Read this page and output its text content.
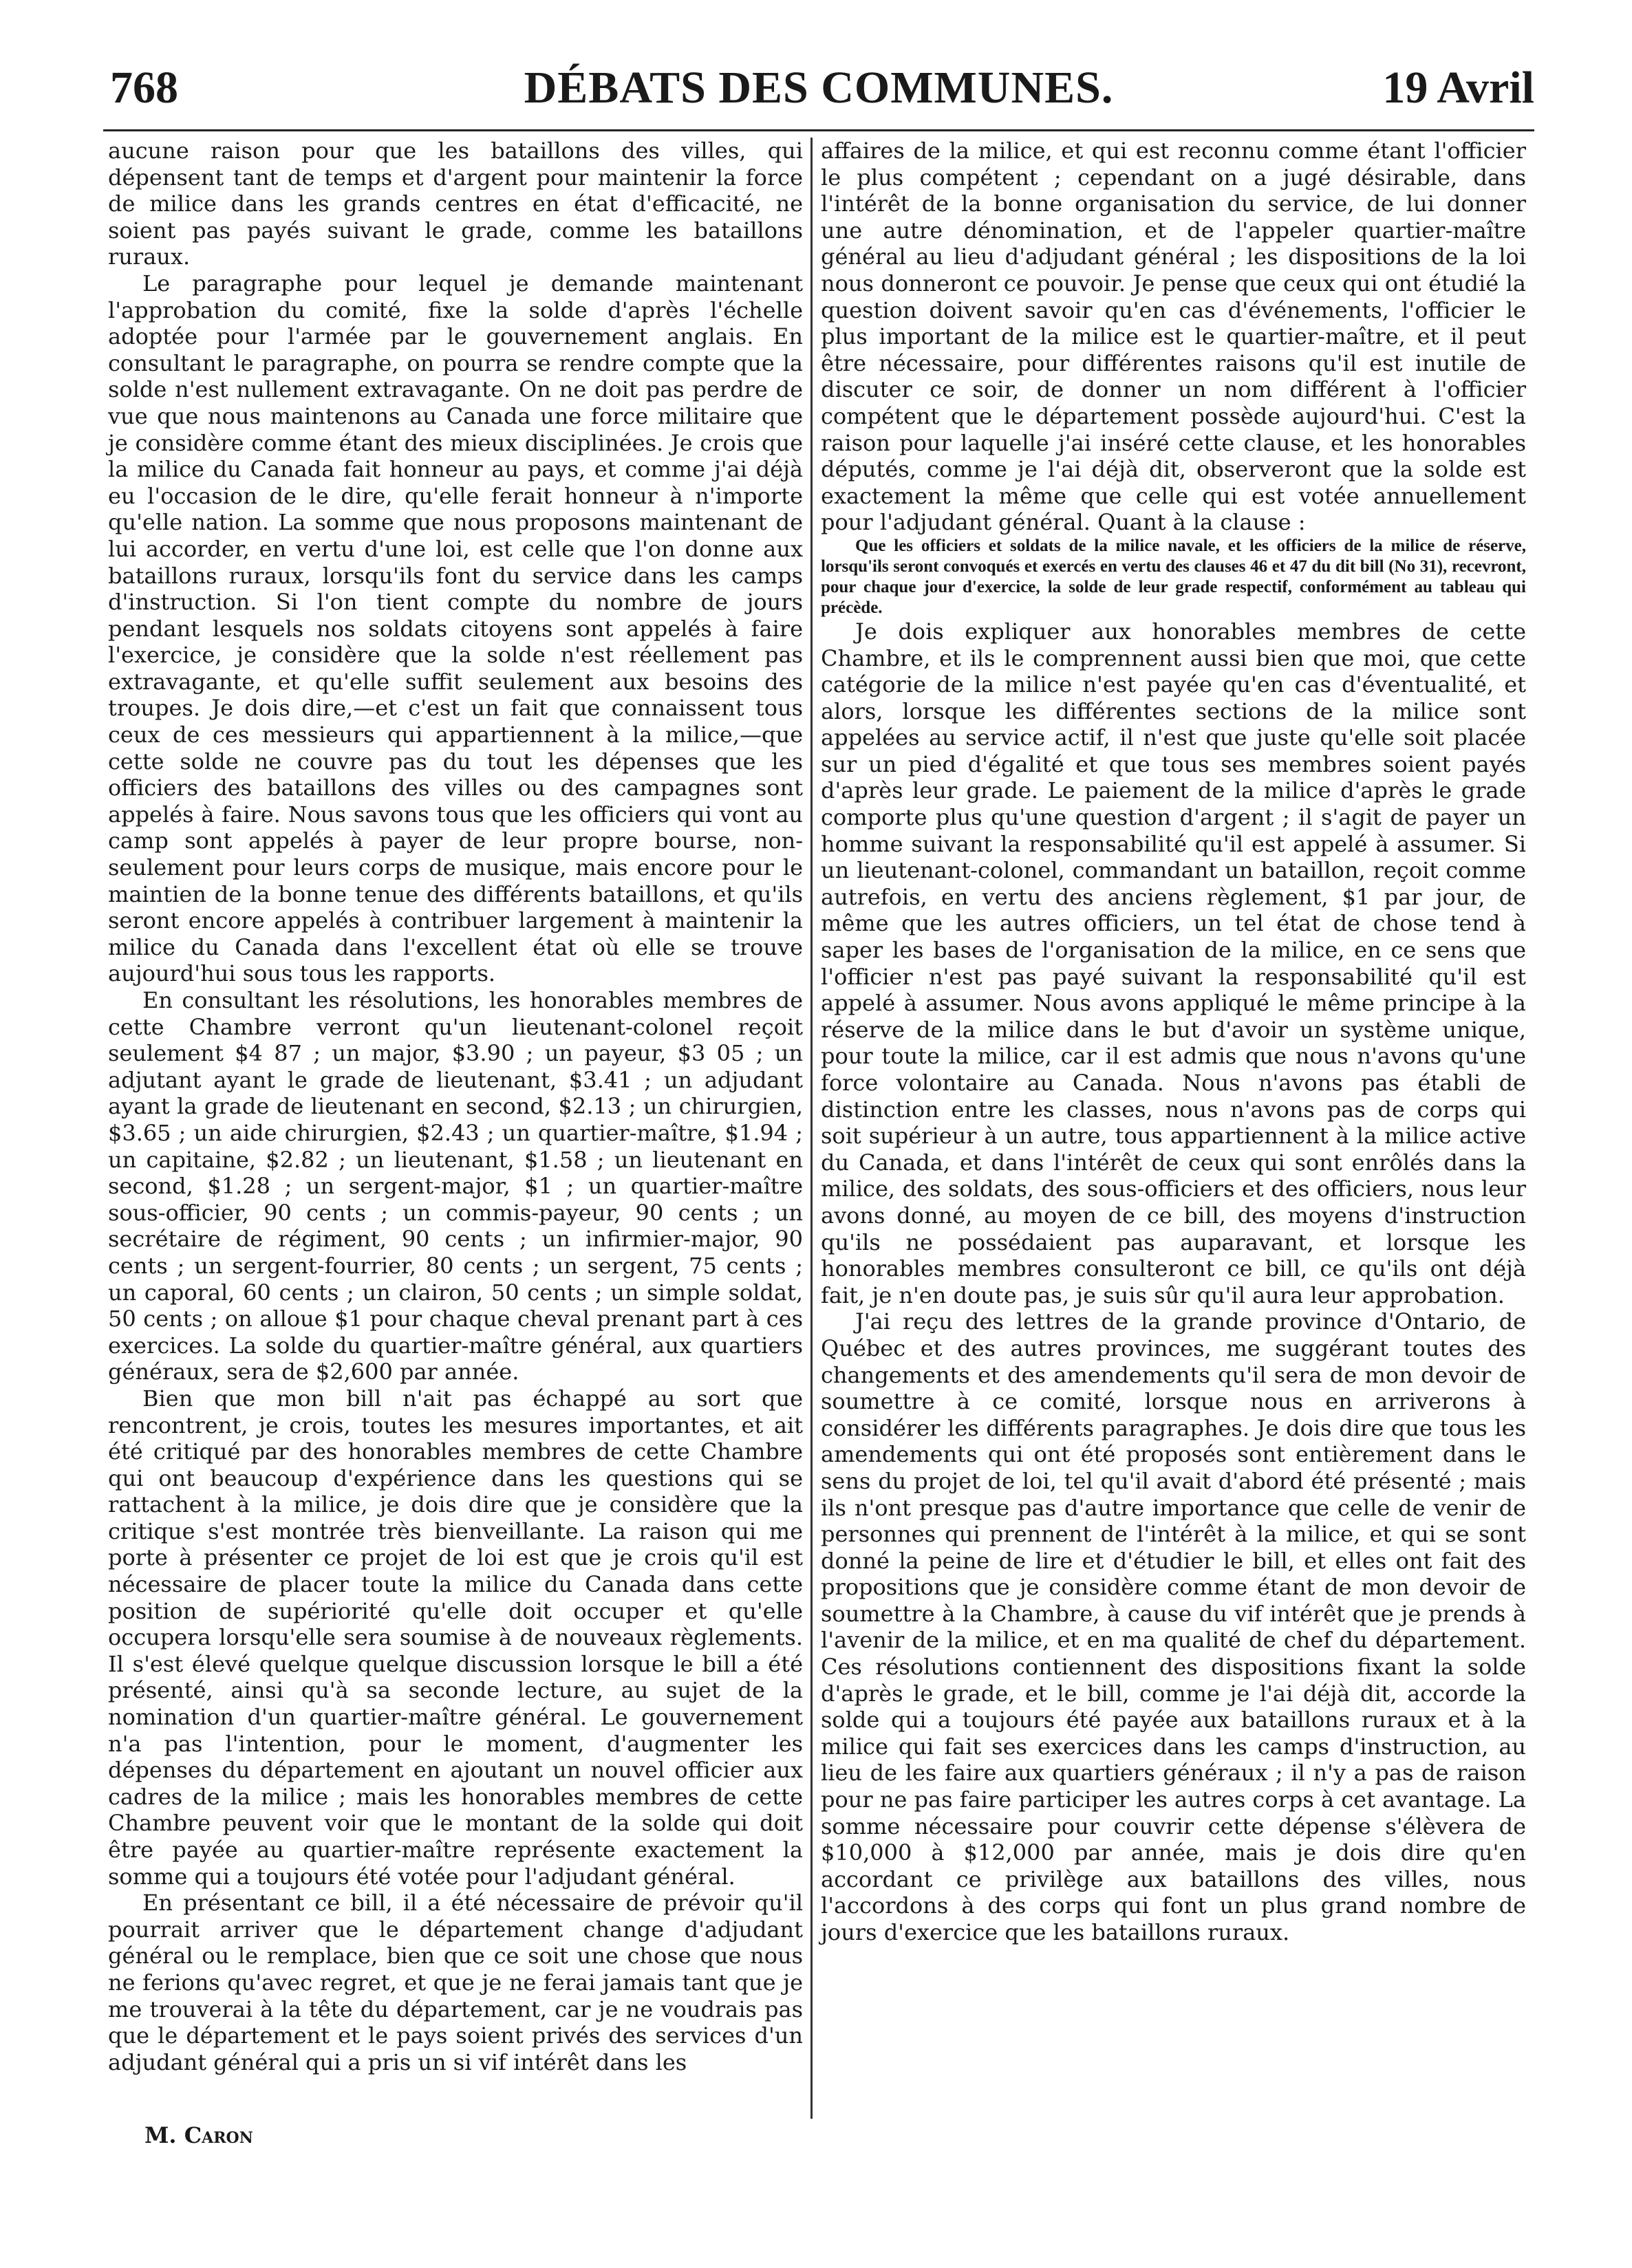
768	DÉBATS DES COMMUNES.	19 Avril

aucune raison pour que les bataillons des villes, qui dépensent tant de temps et d'argent pour maintenir la force de milice dans les grands centres en état d'efficacité, ne soient pas payés suivant le grade, comme les bataillons ruraux.

Le paragraphe pour lequel je demande maintenant l'approbation du comité, fixe la solde d'après l'échelle adoptée pour l'armée par le gouvernement anglais. En consultant le paragraphe, on pourra se rendre compte que la solde n'est nullement extravagante. On ne doit pas perdre de vue que nous maintenons au Canada une force militaire que je considère comme étant des mieux disciplinées. Je crois que la milice du Canada fait honneur au pays, et comme j'ai déjà eu l'occasion de le dire, qu'elle ferait honneur à n'importe qu'elle nation. La somme que nous proposons maintenant de lui accorder, en vertu d'une loi, est celle que l'on donne aux bataillons ruraux, lorsqu'ils font du service dans les camps d'instruction. Si l'on tient compte du nombre de jours pendant lesquels nos soldats citoyens sont appelés à faire l'exercice, je considère que la solde n'est réellement pas extravagante, et qu'elle suffit seulement aux besoins des troupes. Je dois dire,—et c'est un fait que connaissent tous ceux de ces messieurs qui appartiennent à la milice,—que cette solde ne couvre pas du tout les dépenses que les officiers des bataillons des villes ou des campagnes sont appelés à faire. Nous savons tous que les officiers qui vont au camp sont appelés à payer de leur propre bourse, non-seulement pour leurs corps de musique, mais encore pour le maintien de la bonne tenue des différents bataillons, et qu'ils seront encore appelés à contribuer largement à maintenir la milice du Canada dans l'excellent état où elle se trouve aujourd'hui sous tous les rapports.

En consultant les résolutions, les honorables membres de cette Chambre verront qu'un lieutenant-colonel reçoit seulement $4 87 ; un major, $3.90 ; un payeur, $3 05 ; un adjutant ayant le grade de lieutenant, $3.41 ; un adjudant ayant la grade de lieutenant en second, $2.13 ; un chirurgien, $3.65 ; un aide chirurgien, $2.43 ; un quartier-maître, $1.94 ; un capitaine, $2.82 ; un lieutenant, $1.58 ; un lieutenant en second, $1.28 ; un sergent-major, $1 ; un quartier-maître sous-officier, 90 cents ; un commis-payeur, 90 cents ; un secrétaire de régiment, 90 cents ; un infirmier-major, 90 cents ; un sergent-fourrier, 80 cents ; un sergent, 75 cents ; un caporal, 60 cents ; un clairon, 50 cents ; un simple soldat, 50 cents ; on alloue $1 pour chaque cheval prenant part à ces exercices. La solde du quartier-maître général, aux quartiers généraux, sera de $2,600 par année.

Bien que mon bill n'ait pas échappé au sort que rencontrent, je crois, toutes les mesures importantes, et ait été critiqué par des honorables membres de cette Chambre qui ont beaucoup d'expérience dans les questions qui se rattachent à la milice, je dois dire que je considère que la critique s'est montrée très bienveillante. La raison qui me porte à présenter ce projet de loi est que je crois qu'il est nécessaire de placer toute la milice du Canada dans cette position de supériorité qu'elle doit occuper et qu'elle occupera lorsqu'elle sera soumise à de nouveaux règlements. Il s'est élevé quelque quelque discussion lorsque le bill a été présenté, ainsi qu'à sa seconde lecture, au sujet de la nomination d'un quartier-maître général. Le gouvernement n'a pas l'intention, pour le moment, d'augmenter les dépenses du département en ajoutant un nouvel officier aux cadres de la milice ; mais les honorables membres de cette Chambre peuvent voir que le montant de la solde qui doit être payée au quartier-maître représente exactement la somme qui a toujours été votée pour l'adjudant général.

En présentant ce bill, il a été nécessaire de prévoir qu'il pourrait arriver que le département change d'adjudant général ou le remplace, bien que ce soit une chose que nous ne ferions qu'avec regret, et que je ne ferai jamais tant que je me trouverai à la tête du département, car je ne voudrais pas que le département et le pays soient privés des services d'un adjudant général qui a pris un si vif intérêt dans les

affaires de la milice, et qui est reconnu comme étant l'officier le plus compétent ; cependant on a jugé désirable, dans l'intérêt de la bonne organisation du service, de lui donner une autre dénomination, et de l'appeler quartier-maître général au lieu d'adjudant général ; les dispositions de la loi nous donneront ce pouvoir. Je pense que ceux qui ont étudié la question doivent savoir qu'en cas d'événements, l'officier le plus important de la milice est le quartier-maître, et il peut être nécessaire, pour différentes raisons qu'il est inutile de discuter ce soir, de donner un nom différent à l'officier compétent que le département possède aujourd'hui. C'est la raison pour laquelle j'ai inséré cette clause, et les honorables députés, comme je l'ai déjà dit, observeront que la solde est exactement la même que celle qui est votée annuellement pour l'adjudant général. Quant à la clause :

Que les officiers et soldats de la milice navale, et les officiers de la milice de réserve, lorsqu'ils seront convoqués et exercés en vertu des clauses 46 et 47 du dit bill (No 31), recevront, pour chaque jour d'exercice, la solde de leur grade respectif, conformément au tableau qui précède.

Je dois expliquer aux honorables membres de cette Chambre, et ils le comprennent aussi bien que moi, que cette catégorie de la milice n'est payée qu'en cas d'éventualité, et alors, lorsque les différentes sections de la milice sont appelées au service actif, il n'est que juste qu'elle soit placée sur un pied d'égalité et que tous ses membres soient payés d'après leur grade. Le paiement de la milice d'après le grade comporte plus qu'une question d'argent ; il s'agit de payer un homme suivant la responsabilité qu'il est appelé à assumer. Si un lieutenant-colonel, commandant un bataillon, reçoit comme autrefois, en vertu des anciens règlement, $1 par jour, de même que les autres officiers, un tel état de chose tend à saper les bases de l'organisation de la milice, en ce sens que l'officier n'est pas payé suivant la responsabilité qu'il est appelé à assumer. Nous avons appliqué le même principe à la réserve de la milice dans le but d'avoir un système unique, pour toute la milice, car il est admis que nous n'avons qu'une force volontaire au Canada. Nous n'avons pas établi de distinction entre les classes, nous n'avons pas de corps qui soit supérieur à un autre, tous appartiennent à la milice active du Canada, et dans l'intérêt de ceux qui sont enrôlés dans la milice, des soldats, des sous-officiers et des officiers, nous leur avons donné, au moyen de ce bill, des moyens d'instruction qu'ils ne possédaient pas auparavant, et lorsque les honorables membres consulteront ce bill, ce qu'ils ont déjà fait, je n'en doute pas, je suis sûr qu'il aura leur approbation.

J'ai reçu des lettres de la grande province d'Ontario, de Québec et des autres provinces, me suggérant toutes des changements et des amendements qu'il sera de mon devoir de soumettre à ce comité, lorsque nous en arriverons à considérer les différents paragraphes. Je dois dire que tous les amendements qui ont été proposés sont entièrement dans le sens du projet de loi, tel qu'il avait d'abord été présenté ; mais ils n'ont presque pas d'autre importance que celle de venir de personnes qui prennent de l'intérêt à la milice, et qui se sont donné la peine de lire et d'étudier le bill, et elles ont fait des propositions que je considère comme étant de mon devoir de soumettre à la Chambre, à cause du vif intérêt que je prends à l'avenir de la milice, et en ma qualité de chef du département. Ces résolutions contiennent des dispositions fixant la solde d'après le grade, et le bill, comme je l'ai déjà dit, accorde la solde qui a toujours été payée aux bataillons ruraux et à la milice qui fait ses exercices dans les camps d'instruction, au lieu de les faire aux quartiers généraux ; il n'y a pas de raison pour ne pas faire participer les autres corps à cet avantage. La somme nécessaire pour couvrir cette dépense s'élèvera de $10,000 à $12,000 par année, mais je dois dire qu'en accordant ce privilège aux bataillons des villes, nous l'accordons à des corps qui font un plus grand nombre de jours d'exercice que les bataillons ruraux.

M. Caron
